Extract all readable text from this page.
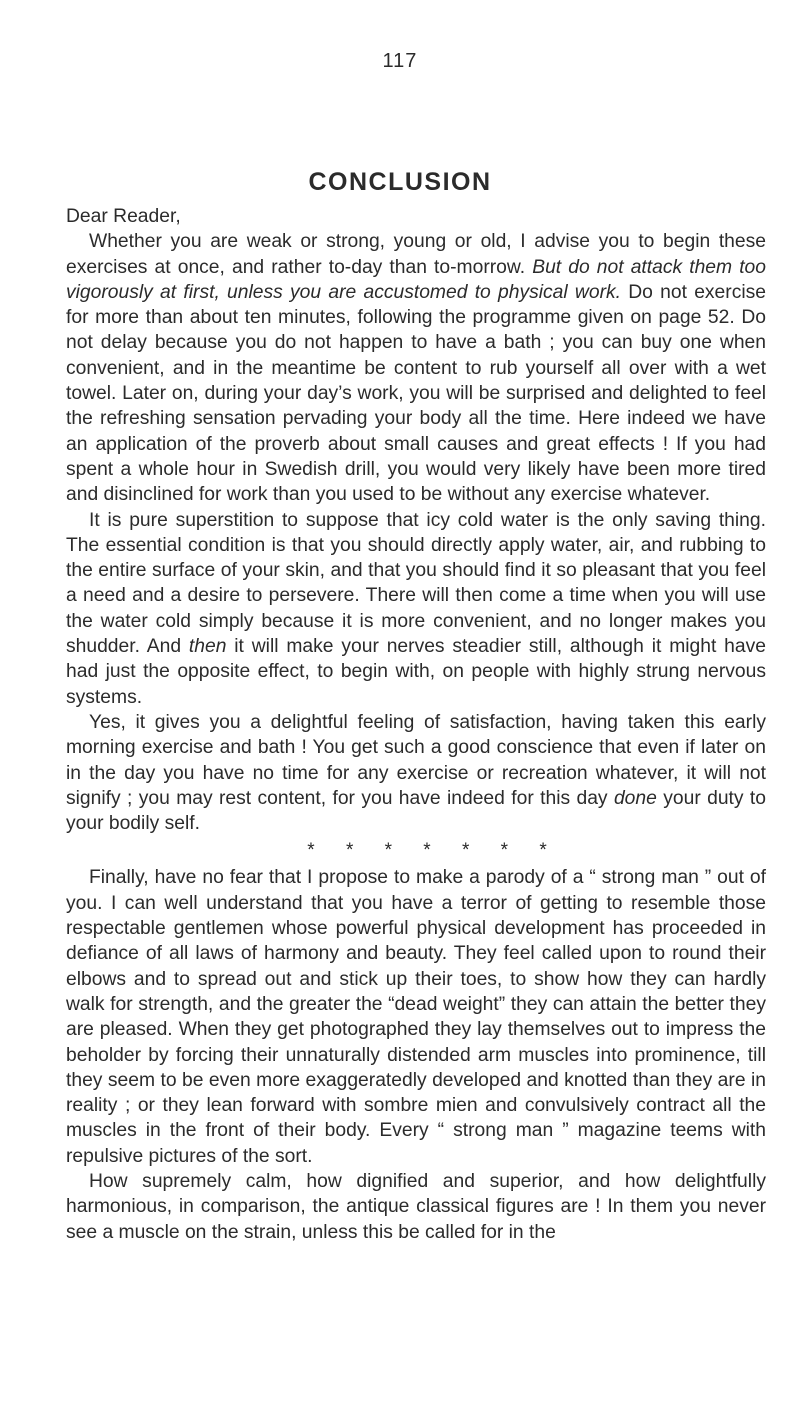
117
CONCLUSION

Dear Reader,

Whether you are weak or strong, young or old, I advise you to begin these exercises at once, and rather to-day than to-morrow. But do not attack them too vigorously at first, unless you are accustomed to physical work. Do not exercise for more than about ten minutes, following the programme given on page 52. Do not delay because you do not happen to have a bath ; you can buy one when convenient, and in the meantime be content to rub yourself all over with a wet towel. Later on, during your day’s work, you will be surprised and delighted to feel the refreshing sensation pervading your body all the time. Here indeed we have an application of the proverb about small causes and great effects ! If you had spent a whole hour in Swedish drill, you would very likely have been more tired and disinclined for work than you used to be without any exercise whatever.

It is pure superstition to suppose that icy cold water is the only saving thing. The essential condition is that you should directly apply water, air, and rubbing to the entire surface of your skin, and that you should find it so pleasant that you feel a need and a desire to persevere. There will then come a time when you will use the water cold simply because it is more convenient, and no longer makes you shudder. And then it will make your nerves steadier still, although it might have had just the opposite effect, to begin with, on people with highly strung nervous systems.

Yes, it gives you a delightful feeling of satisfaction, having taken this early morning exercise and bath ! You get such a good conscience that even if later on in the day you have no time for any exercise or recreation whatever, it will not signify ; you may rest content, for you have indeed for this day done your duty to your bodily self.

* * * * * * *

Finally, have no fear that I propose to make a parody of a “ strong man ” out of you. I can well understand that you have a terror of getting to resemble those respectable gentlemen whose powerful physical development has proceeded in defiance of all laws of harmony and beauty. They feel called upon to round their elbows and to spread out and stick up their toes, to show how they can hardly walk for strength, and the greater the “dead weight” they can attain the better they are pleased. When they get photographed they lay themselves out to impress the beholder by forcing their unnaturally distended arm muscles into prominence, till they seem to be even more exaggeratedly developed and knotted than they are in reality ; or they lean forward with sombre mien and convulsively contract all the muscles in the front of their body. Every “ strong man ” magazine teems with repulsive pictures of the sort.

How supremely calm, how dignified and superior, and how delightfully harmonious, in comparison, the antique classical figures are ! In them you never see a muscle on the strain, unless this be called for in the
